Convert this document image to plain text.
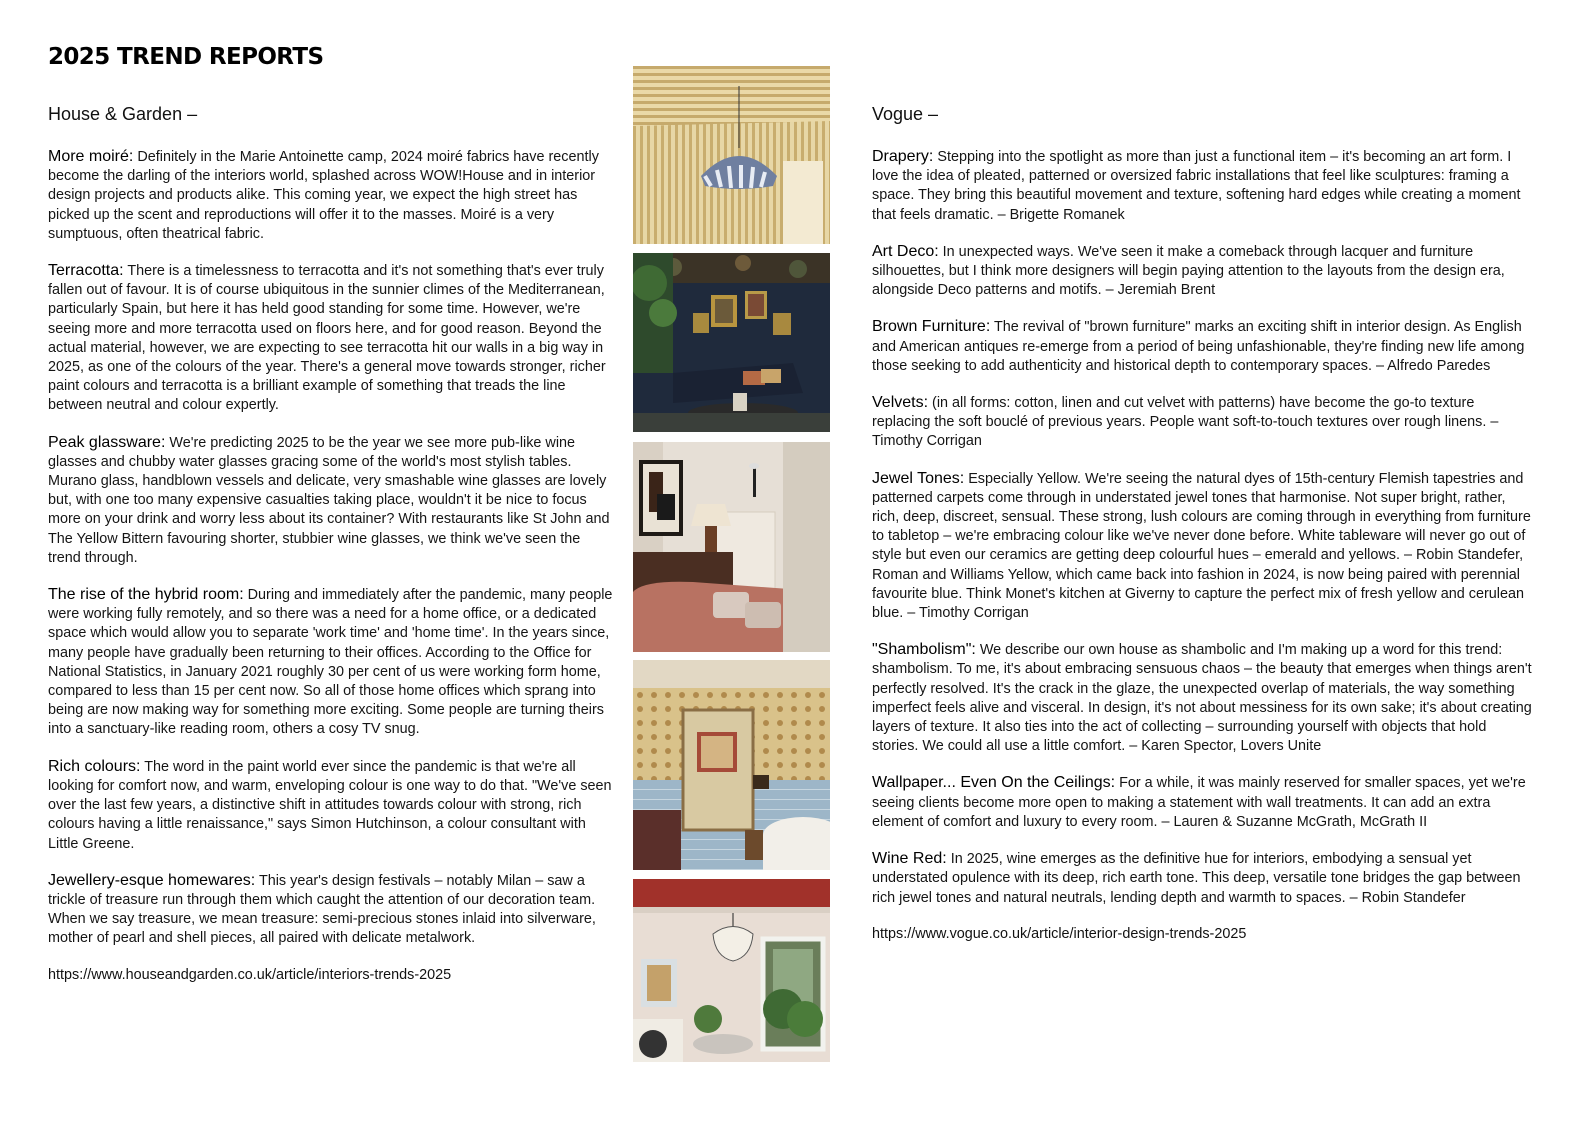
2025 TREND REPORTS
House & Garden –

More moiré: Definitely in the Marie Antoinette camp, 2024 moiré fabrics have recently become the darling of the interiors world, splashed across WOW!House and in interior design projects and products alike. This coming year, we expect the high street has picked up the scent and reproductions will offer it to the masses. Moiré is a very sumptuous, often theatrical fabric.

Terracotta: There is a timelessness to terracotta and it's not something that's ever truly fallen out of favour. It is of course ubiquitous in the sunnier climes of the Mediterranean, particularly Spain, but here it has held good standing for some time. However, we're seeing more and more terracotta used on floors here, and for good reason. Beyond the actual material, however, we are expecting to see terracotta hit our walls in a big way in 2025, as one of the colours of the year. There's a general move towards stronger, richer paint colours and terracotta is a brilliant example of something that treads the line between neutral and colour expertly.

Peak glassware: We're predicting 2025 to be the year we see more pub-like wine glasses and chubby water glasses gracing some of the world's most stylish tables. Murano glass, handblown vessels and delicate, very smashable wine glasses are lovely but, with one too many expensive casualties taking place, wouldn't it be nice to focus more on your drink and worry less about its container? With restaurants like St John and The Yellow Bittern favouring shorter, stubbier wine glasses, we think we've seen the trend through.

The rise of the hybrid room: During and immediately after the pandemic, many people were working fully remotely, and so there was a need for a home office, or a dedicated space which would allow you to separate 'work time' and 'home time'. In the years since, many people have gradually been returning to their offices. According to the Office for National Statistics, in January 2021 roughly 30 per cent of us were working form home, compared to less than 15 per cent now. So all of those home offices which sprang into being are now making way for something more exciting. Some people are turning theirs into a sanctuary-like reading room, others a cosy TV snug.

Rich colours: The word in the paint world ever since the pandemic is that we're all looking for comfort now, and warm, enveloping colour is one way to do that. "We've seen over the last few years, a distinctive shift in attitudes towards colour with strong, rich colours having a little renaissance," says Simon Hutchinson, a colour consultant with Little Greene.

Jewellery-esque homewares: This year's design festivals – notably Milan – saw a trickle of treasure run through them which caught the attention of our decoration team. When we say treasure, we mean treasure: semi-precious stones inlaid into silverware, mother of pearl and shell pieces, all paired with delicate metalwork.

https://www.houseandgarden.co.uk/article/interiors-trends-2025

Vogue –

Drapery: Stepping into the spotlight as more than just a functional item – it's becoming an art form. I love the idea of pleated, patterned or oversized fabric installations that feel like sculptures: framing a space. They bring this beautiful movement and texture, softening hard edges while creating a moment that feels dramatic. – Brigette Romanek

Art Deco: In unexpected ways. We've seen it make a comeback through lacquer and furniture silhouettes, but I think more designers will begin paying attention to the layouts from the design era, alongside Deco patterns and motifs. – Jeremiah Brent

Brown Furniture: The revival of "brown furniture" marks an exciting shift in interior design. As English and American antiques re-emerge from a period of being unfashionable, they're finding new life among those seeking to add authenticity and historical depth to contemporary spaces. – Alfredo Paredes

Velvets: (in all forms: cotton, linen and cut velvet with patterns) have become the go-to texture replacing the soft bouclé of previous years. People want soft-to-touch textures over rough linens. – Timothy Corrigan

Jewel Tones: Especially Yellow. We're seeing the natural dyes of 15th-century Flemish tapestries and patterned carpets come through in understated jewel tones that harmonise. Not super bright, rather, rich, deep, discreet, sensual. These strong, lush colours are coming through in everything from furniture to tabletop – we're embracing colour like we've never done before. White tableware will never go out of style but even our ceramics are getting deep colourful hues – emerald and yellows. – Robin Standefer, Roman and Williams Yellow, which came back into fashion in 2024, is now being paired with perennial favourite blue. Think Monet's kitchen at Giverny to capture the perfect mix of fresh yellow and cerulean blue. – Timothy Corrigan

"Shambolism": We describe our own house as shambolic and I'm making up a word for this trend: shambolism. To me, it's about embracing sensuous chaos – the beauty that emerges when things aren't perfectly resolved. It's the crack in the glaze, the unexpected overlap of materials, the way something imperfect feels alive and visceral. In design, it's not about messiness for its own sake; it's about creating layers of texture. It also ties into the act of collecting – surrounding yourself with objects that hold stories. We could all use a little comfort. – Karen Spector, Lovers Unite

Wallpaper... Even On the Ceilings: For a while, it was mainly reserved for smaller spaces, yet we're seeing clients become more open to making a statement with wall treatments. It can add an extra element of comfort and luxury to every room. – Lauren & Suzanne McGrath, McGrath II

Wine Red: In 2025, wine emerges as the definitive hue for interiors, embodying a sensual yet understated opulence with its deep, rich earth tone. This deep, versatile tone bridges the gap between rich jewel tones and natural neutrals, lending depth and warmth to spaces. – Robin Standefer

https://www.vogue.co.uk/article/interior-design-trends-2025
